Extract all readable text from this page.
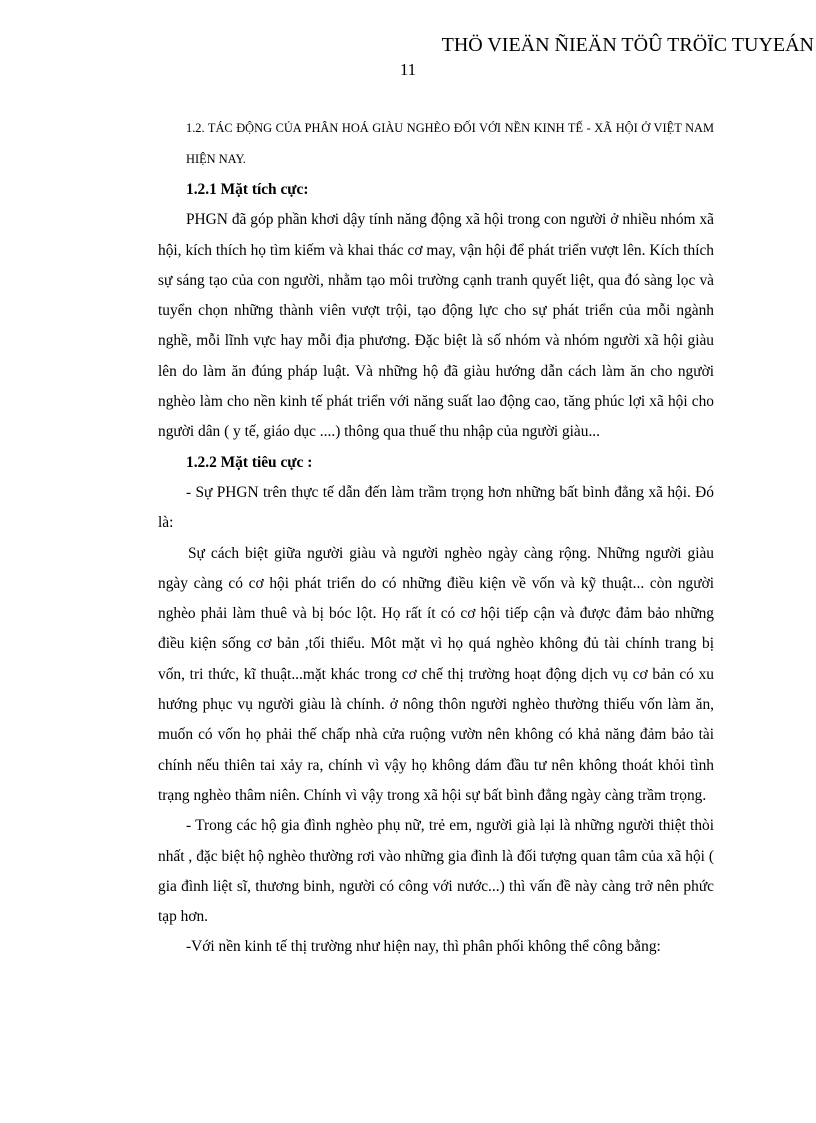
THÖ VIEÄN ÑIEÄN TÖÛ TRÖÏC TUYEÁN
11

1.2. TÁC ĐỘNG CỦA PHÂN HOÁ GIÀU NGHÈO ĐỐI VỚI NỀN KINH TẾ - XÃ HỘI Ở VIỆT NAM HIỆN NAY.

1.2.1 Mặt tích cực:

PHGN đã góp phần khơi dậy tính năng động xã hội trong con người ở nhiều nhóm xã hội, kích thích họ tìm kiếm và khai thác cơ may, vận hội để phát triển vượt lên. Kích thích sự sáng tạo của con người, nhằm tạo môi trường cạnh tranh quyết liệt, qua đó sàng lọc và tuyển chọn những thành viên vượt trội, tạo động lực cho sự phát triển của mỗi ngành nghề, mỗi lĩnh vực hay mỗi địa phương. Đặc biệt là số nhóm và nhóm người xã hội giàu lên do làm ăn đúng pháp luật. Và những hộ đã giàu hướng dẫn cách làm ăn cho người nghèo làm cho nền kinh tế phát triển với năng suất lao động cao, tăng phúc lợi xã hội cho người dân ( y tế, giáo dục ....) thông qua thuế thu nhập của người giàu...

1.2.2 Mặt tiêu cực :

- Sự PHGN trên thực tế dẫn đến làm trầm trọng hơn những bất bình đẳng xã hội. Đó là:

Sự cách biệt giữa người giàu và người nghèo ngày càng rộng. Những người giàu ngày càng có cơ hội phát triển do có những điều kiện về vốn và kỹ thuật... còn người nghèo phải làm thuê và bị bóc lột. Họ rất ít có cơ hội tiếp cận và được đảm bảo những điều kiện sống cơ bản ,tối thiểu. Môt mặt vì họ quá nghèo không đủ tài chính trang bị vốn, tri thức, kĩ thuật...mặt khác trong cơ chế thị trường hoạt động dịch vụ cơ bản có xu hướng phục vụ người giàu là chính. ở nông thôn người nghèo thường thiếu vốn làm ăn, muốn có vốn họ phải thế chấp nhà cửa ruộng vườn nên không có khả năng đảm bảo tài chính nếu thiên tai xảy ra, chính vì vậy họ không dám đầu tư nên không thoát khỏi tình trạng nghèo thâm niên. Chính vì vậy trong xã hội sự bất bình đẳng ngày càng trầm trọng.

- Trong các hộ gia đình nghèo phụ nữ, trẻ em, người già lại là những người thiệt thòi nhất , đặc biệt hộ nghèo thường rơi vào những gia đình là đối tượng quan tâm của xã hội ( gia đình liệt sĩ, thương binh, người có công với nước...) thì vấn đề này càng trở nên phức tạp hơn.

-Với nền kinh tế thị trường như hiện nay, thì phân phối không thể công bằng:
